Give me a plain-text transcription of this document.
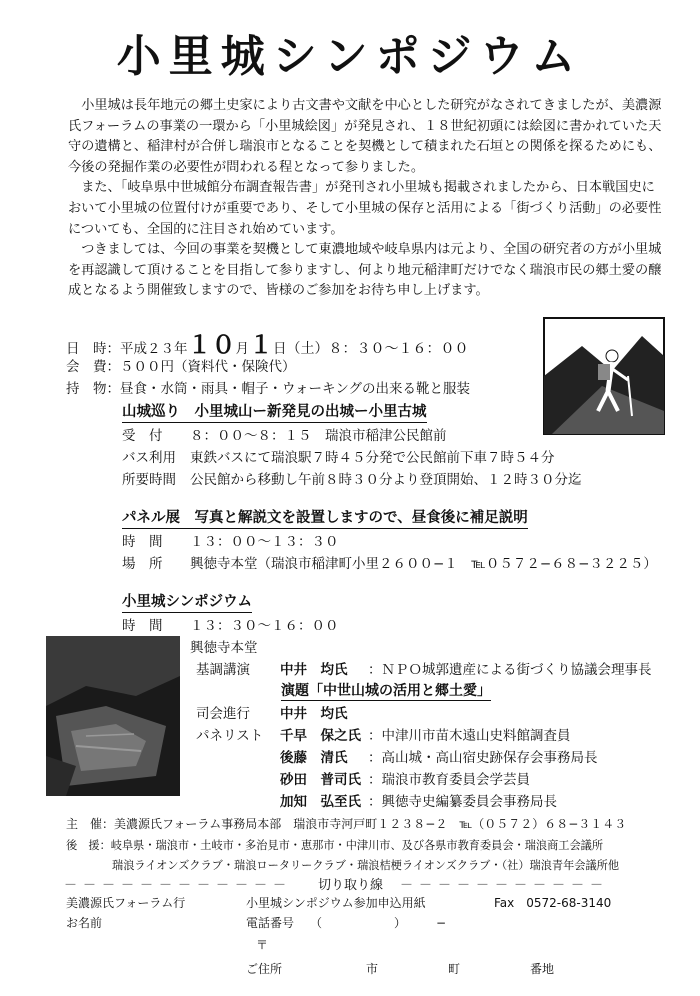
小里城シンポジウム

小里城は長年地元の郷土史家により古文書や文献を中心とした研究がなされてきましたが、美濃源氏フォーラムの事業の一環から「小里城絵図」が発見され、１８世紀初頭には絵図に書かれていた天守の遺構と、稲津村が合併し瑞浪市となることを契機として積まれた石垣との関係を探るためにも、今後の発掘作業の必要性が問われる程となって参りました。

また、「岐阜県中世城館分布調査報告書」が発刊され小里城も掲載されましたから、日本戦国史において小里城の位置付けが重要であり、そして小里城の保存と活用による「街づくり活動」の必要性についても、全国的に注目され始めています。

つきましては、今回の事業を契機として東濃地域や岐阜県内は元より、全国の研究者の方が小里城を再認識して頂けることを目指して参りますし、何より地元稲津町だけでなく瑞浪市民の郷土愛の醸成となるよう開催致しますので、皆様のご参加をお待ち申し上げます。

日　時：平成２３年１０月１日（土）８：３０～１６：００
会　費：５００円（資料代・保険代）
持　物：昼食・水筒・雨具・帽子・ウォーキングの出来る靴と服装
山城巡り　小里城山ー新発見の出城ー小里古城
受　付 ８：００～８：１５　瑞浪市稲津公民館前
バス利用 東鉄バスにて瑞浪駅７時４５分発で公民館前下車７時５４分
所要時間 公民館から移動し午前８時３０分より登頂開始、１２時３０分迄
パネル展　写真と解説文を設置しますので、昼食後に補足説明
時　間 １３：００～１３：３０
場　所 興徳寺本堂（瑞浪市稲津町小里２６００−１　℡０５７２−６８−３２２５）
小里城シンポジウム
時　間 １３：３０～１６：００
興徳寺本堂
基調講演 中井　均氏 ：ＮＰＯ城郭遺産による街づくり協議会理事長
演題「中世山城の活用と郷土愛」
司会進行 中井　均氏
パネリスト 千早　保之氏 ：中津川市苗木遠山史料館調査員
後藤　清氏 ：高山城・高山宿史跡保存会事務局長
砂田　普司氏 ：瑞浪市教育委員会学芸員
加知　弘至氏 ：興徳寺史編纂委員会事務局長
主　催：美濃源氏フォーラム事務局本部　瑞浪市寺河戸町１２３８−２　℡（０５７２）６８−３１４３
後　援：岐阜県・瑞浪市・土岐市・多治見市・恵那市・中津川市、及び各県市教育委員会・瑞浪商工会議所
瑞浪ライオンズクラブ・瑞浪ロータリークラブ・瑞浪桔梗ライオンズクラブ・（社）瑞浪青年会議所他
－－－－－－－－－－－－ 切り取り線 －－－－－－－－－－－
美濃源氏フォーラム行	小里城シンポジウム参加申込用紙	Fax　0572-68-3140
お名前	電話番号 （　　　　　　）　　　−
〒
ご住所	市	町	番地
